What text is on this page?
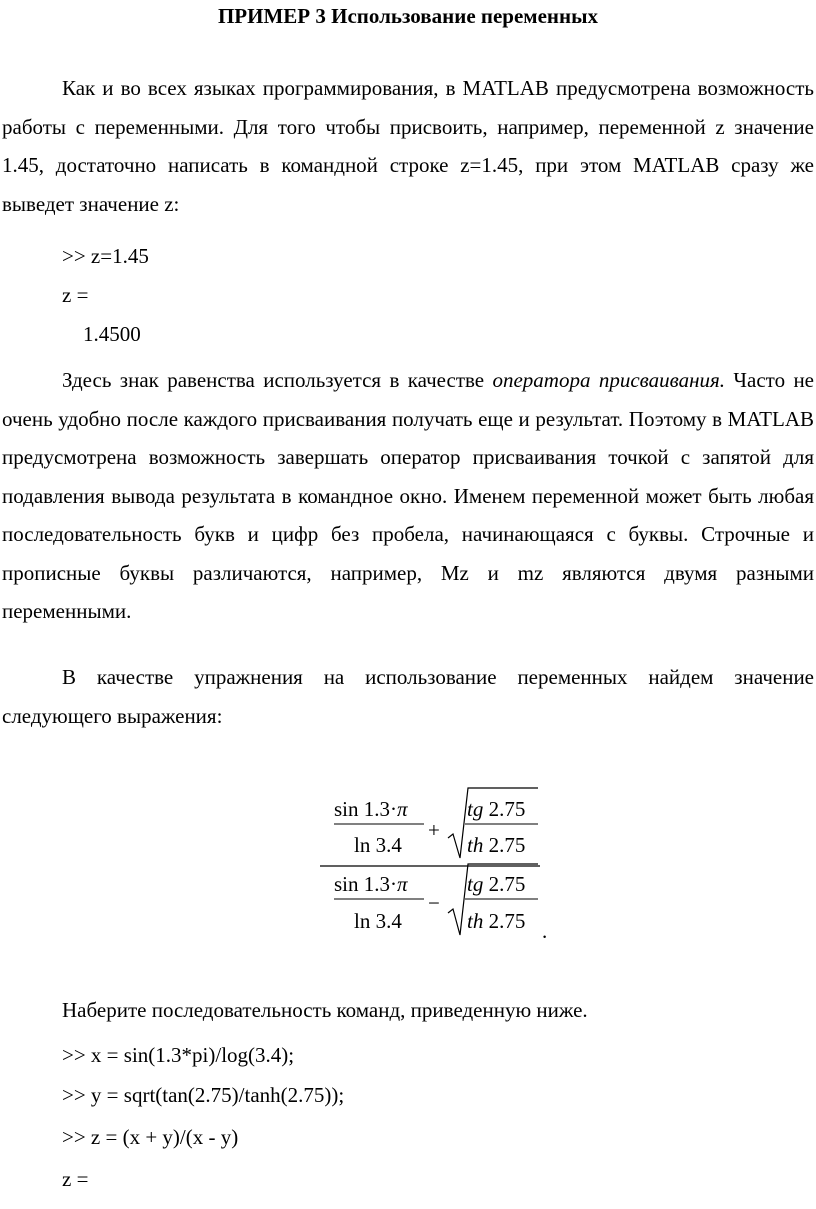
ПРИМЕР 3 Использование переменных

Как и во всех языках программирования, в MATLAB предусмотрена возможность работы с переменными. Для того чтобы присвоить, например, переменной z значение 1.45, достаточно написать в командной строке z=1.45, при этом MATLAB сразу же выведет значение z:

>> z=1.45
z =
1.4500

Здесь знак равенства используется в качестве оператора присваивания. Часто не очень удобно после каждого присваивания получать еще и результат. Поэтому в MATLAB предусмотрена возможность завершать оператор присваивания точкой с запятой для подавления вывода результата в командное окно. Именем переменной может быть любая последовательность букв и цифр без пробела, начинающаяся с буквы. Строчные и прописные буквы различаются, например, Mz и mz являются двумя разными переменными.

В качестве упражнения на использование переменных найдем значение следующего выражения:

sin 1.3·π
ln 3.4
+
tg 2.75
th 2.75
sin 1.3·π
ln 3.4
−
tg 2.75
th 2.75 .

Наберите последовательность команд, приведенную ниже.

>> x = sin(1.3*pi)/log(3.4);
>> y = sqrt(tan(2.75)/tanh(2.75));
>> z = (x + y)/(x - y)
z =
